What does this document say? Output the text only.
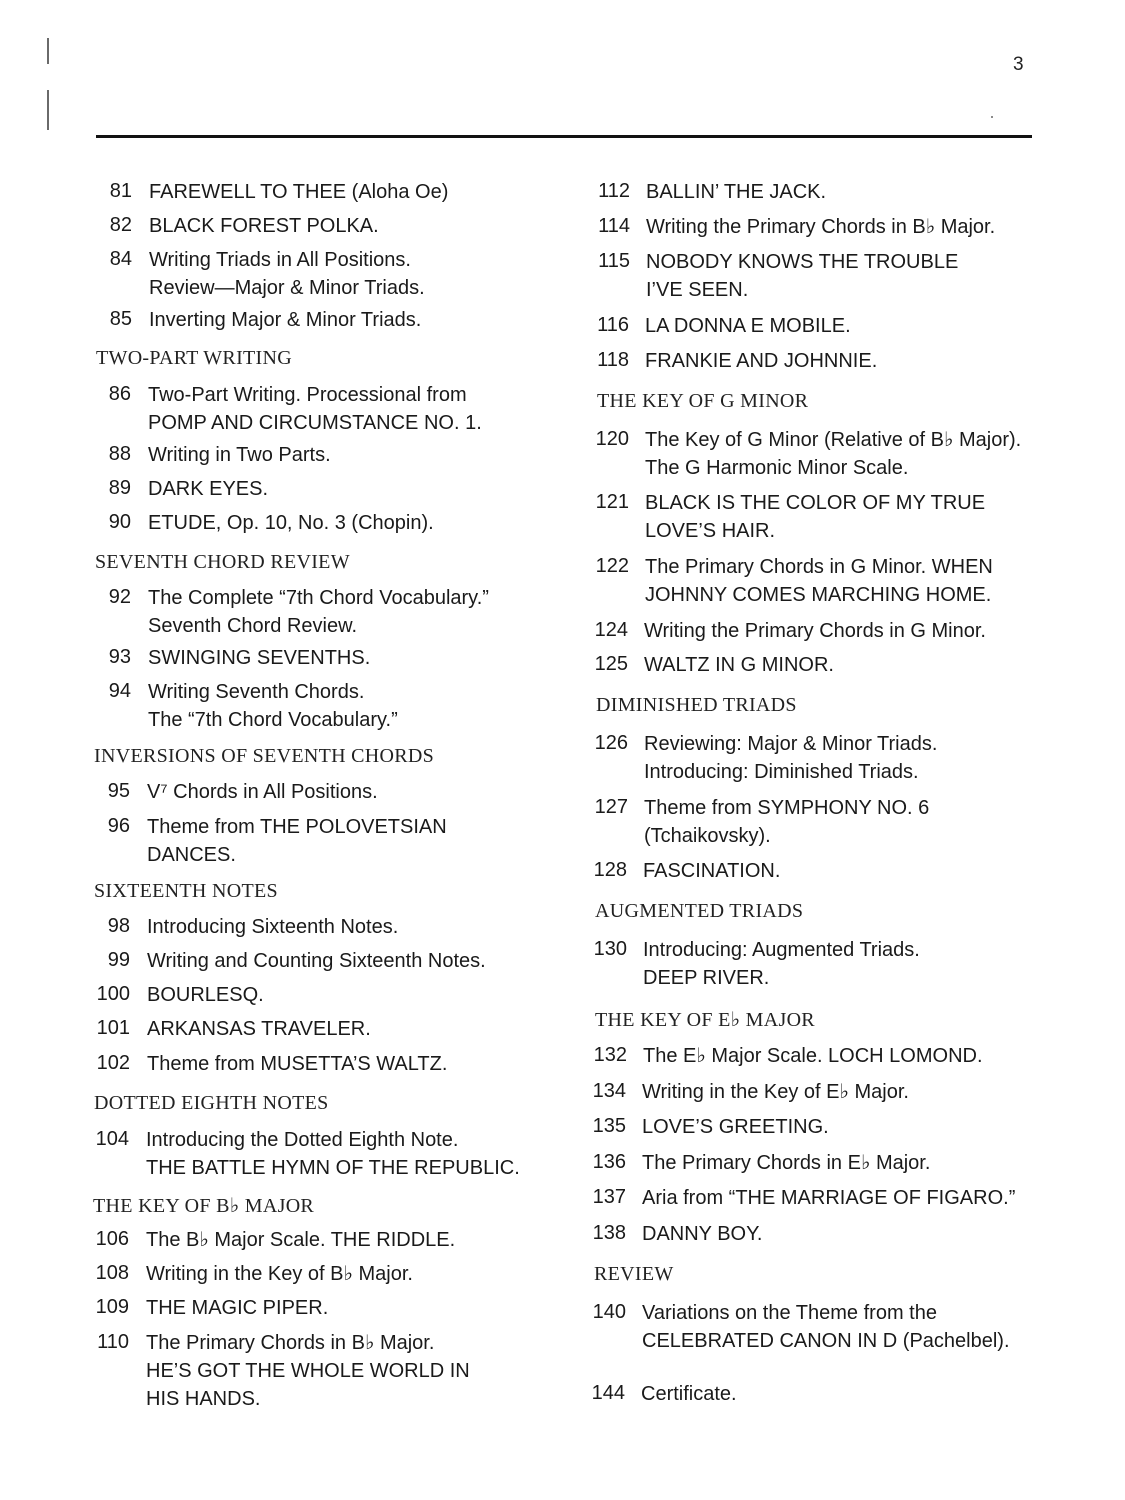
3
81 FAREWELL TO THEE (Aloha Oe)
82 BLACK FOREST POLKA.
84 Writing Triads in All Positions.
Review—Major & Minor Triads.
85 Inverting Major & Minor Triads.
TWO-PART WRITING
86 Two-Part Writing. Processional from
POMP AND CIRCUMSTANCE NO. 1.
88 Writing in Two Parts.
89 DARK EYES.
90 ETUDE, Op. 10, No. 3 (Chopin).
SEVENTH CHORD REVIEW
92 The Complete “7th Chord Vocabulary.”
Seventh Chord Review.
93 SWINGING SEVENTHS.
94 Writing Seventh Chords.
The “7th Chord Vocabulary.”
INVERSIONS OF SEVENTH CHORDS
95 V⁷ Chords in All Positions.
96 Theme from THE POLOVETSIAN
DANCES.
SIXTEENTH NOTES
98 Introducing Sixteenth Notes.
99 Writing and Counting Sixteenth Notes.
100 BOURLESQ.
101 ARKANSAS TRAVELER.
102 Theme from MUSETTA’S WALTZ.
DOTTED EIGHTH NOTES
104 Introducing the Dotted Eighth Note.
THE BATTLE HYMN OF THE REPUBLIC.
THE KEY OF B♭ MAJOR
106 The B♭ Major Scale. THE RIDDLE.
108 Writing in the Key of B♭ Major.
109 THE MAGIC PIPER.
110 The Primary Chords in B♭ Major.
HE’S GOT THE WHOLE WORLD IN
HIS HANDS.
112 BALLIN’ THE JACK.
114 Writing the Primary Chords in B♭ Major.
115 NOBODY KNOWS THE TROUBLE
I’VE SEEN.
116 LA DONNA E MOBILE.
118 FRANKIE AND JOHNNIE.
THE KEY OF G MINOR
120 The Key of G Minor (Relative of B♭ Major).
The G Harmonic Minor Scale.
121 BLACK IS THE COLOR OF MY TRUE
LOVE’S HAIR.
122 The Primary Chords in G Minor. WHEN
JOHNNY COMES MARCHING HOME.
124 Writing the Primary Chords in G Minor.
125 WALTZ IN G MINOR.
DIMINISHED TRIADS
126 Reviewing: Major & Minor Triads.
Introducing: Diminished Triads.
127 Theme from SYMPHONY NO. 6
(Tchaikovsky).
128 FASCINATION.
AUGMENTED TRIADS
130 Introducing: Augmented Triads.
DEEP RIVER.
THE KEY OF E♭ MAJOR
132 The E♭ Major Scale. LOCH LOMOND.
134 Writing in the Key of E♭ Major.
135 LOVE’S GREETING.
136 The Primary Chords in E♭ Major.
137 Aria from “THE MARRIAGE OF FIGARO.”
138 DANNY BOY.
REVIEW
140 Variations on the Theme from the
CELEBRATED CANON IN D (Pachelbel).
144 Certificate.
